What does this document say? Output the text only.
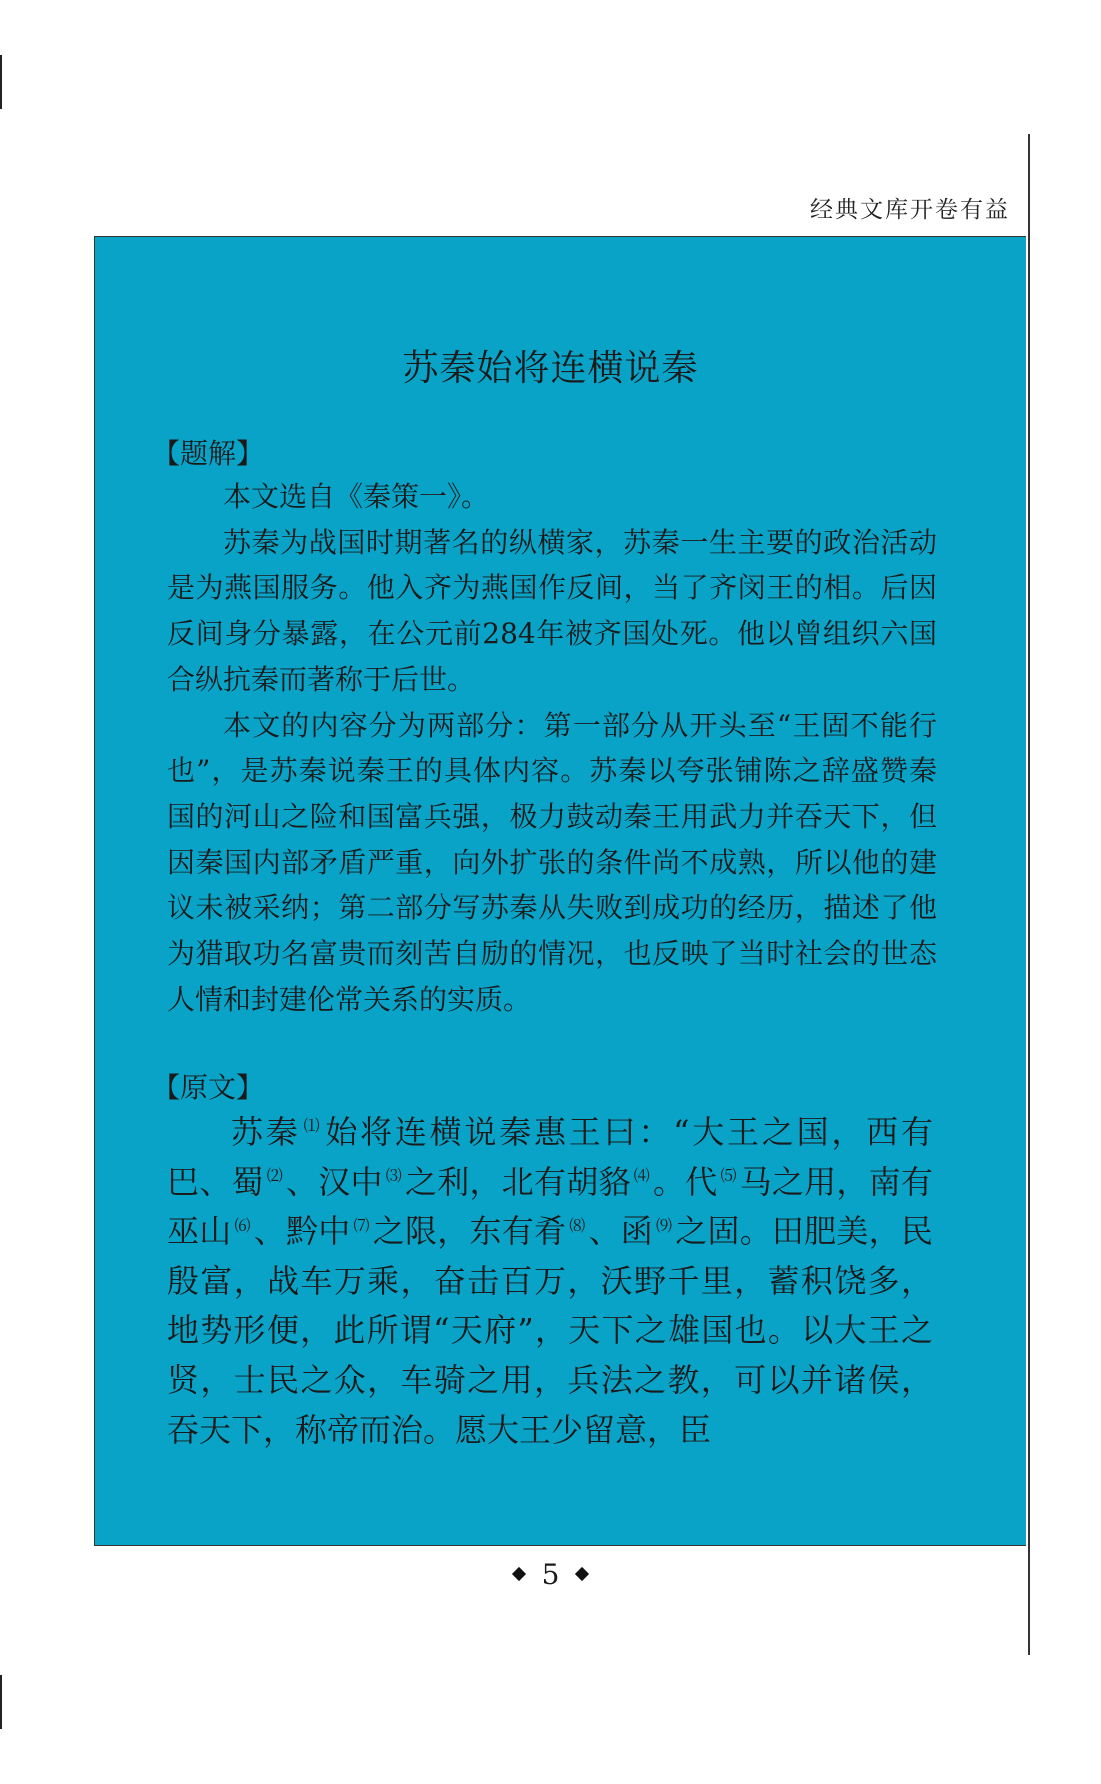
经典文库开卷有益
苏秦始将连横说秦
【题解】

本文选自《秦策一》。

苏秦为战国时期著名的纵横家，苏秦一生主要的政治活动是为燕国服务。他入齐为燕国作反间，当了齐闵王的相。后因反间身分暴露，在公元前284年被齐国处死。他以曾组织六国合纵抗秦而著称于后世。

本文的内容分为两部分：第一部分从开头至“王固不能行也”，是苏秦说秦王的具体内容。苏秦以夸张铺陈之辞盛赞秦国的河山之险和国富兵强，极力鼓动秦王用武力并吞天下，但因秦国内部矛盾严重，向外扩张的条件尚不成熟，所以他的建议未被采纳；第二部分写苏秦从失败到成功的经历，描述了他为猎取功名富贵而刻苦自励的情况，也反映了当时社会的世态人情和封建伦常关系的实质。

【原文】

苏秦 ⑴始将连横说秦惠王曰：“大王之国，西有巴、蜀 ⑵、汉中 ⑶之利，北有胡貉 ⑷。代 ⑸马之用，南有巫山 ⑹、黔中 ⑺之限，东有肴 ⑻、函 ⑼之固。田肥美，民殷富，战车万乘，奋击百万，沃野千里，蓄积饶多，地势形便，此所谓“天府”，天下之雄国也。以大王之贤，士民之众，车骑之用，兵法之教，可以并诸侯，吞天下，称帝而治。愿大王少留意，臣

5
